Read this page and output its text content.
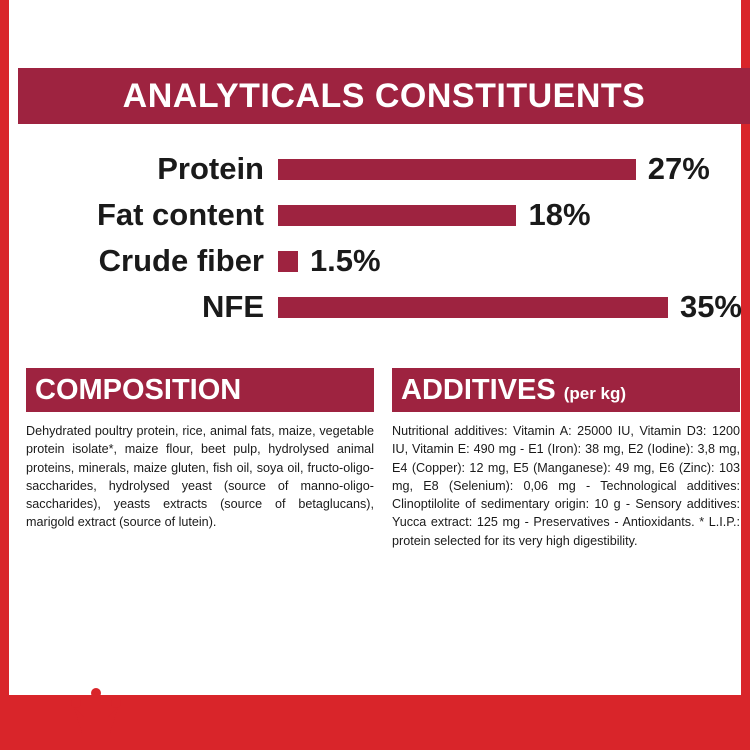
ANALYTICALS CONSTITUENTS
Protein	27%
Fat content	18%
Crude fiber	1.5%
NFE	35%
COMPOSITION
Dehydrated poultry protein, rice, animal fats, maize, vegetable protein isolate*, maize flour, beet pulp, hydrolysed animal proteins, minerals, maize gluten, fish oil, soya oil, fructo-oligo-saccharides, hydrolysed yeast (source of manno-oligo-saccharides), yeasts extracts (source of betaglucans), marigold extract (source of lutein).
ADDITIVES (per kg)
Nutritional additives: Vitamin A: 25000 IU, Vitamin D3: 1200 IU, Vitamin E: 490 mg - E1 (Iron): 38 mg, E2 (Iodine): 3,8 mg, E4 (Copper): 12 mg, E5 (Manganese): 49 mg, E6 (Zinc): 103 mg, E8 (Selenium): 0,06 mg - Technological additives: Clinoptilolite of sedimentary origin: 10 g - Sensory additives: Yucca extract: 125 mg - Preservatives - Antioxidants. * L.I.P.: protein selected for its very high digestibility.
